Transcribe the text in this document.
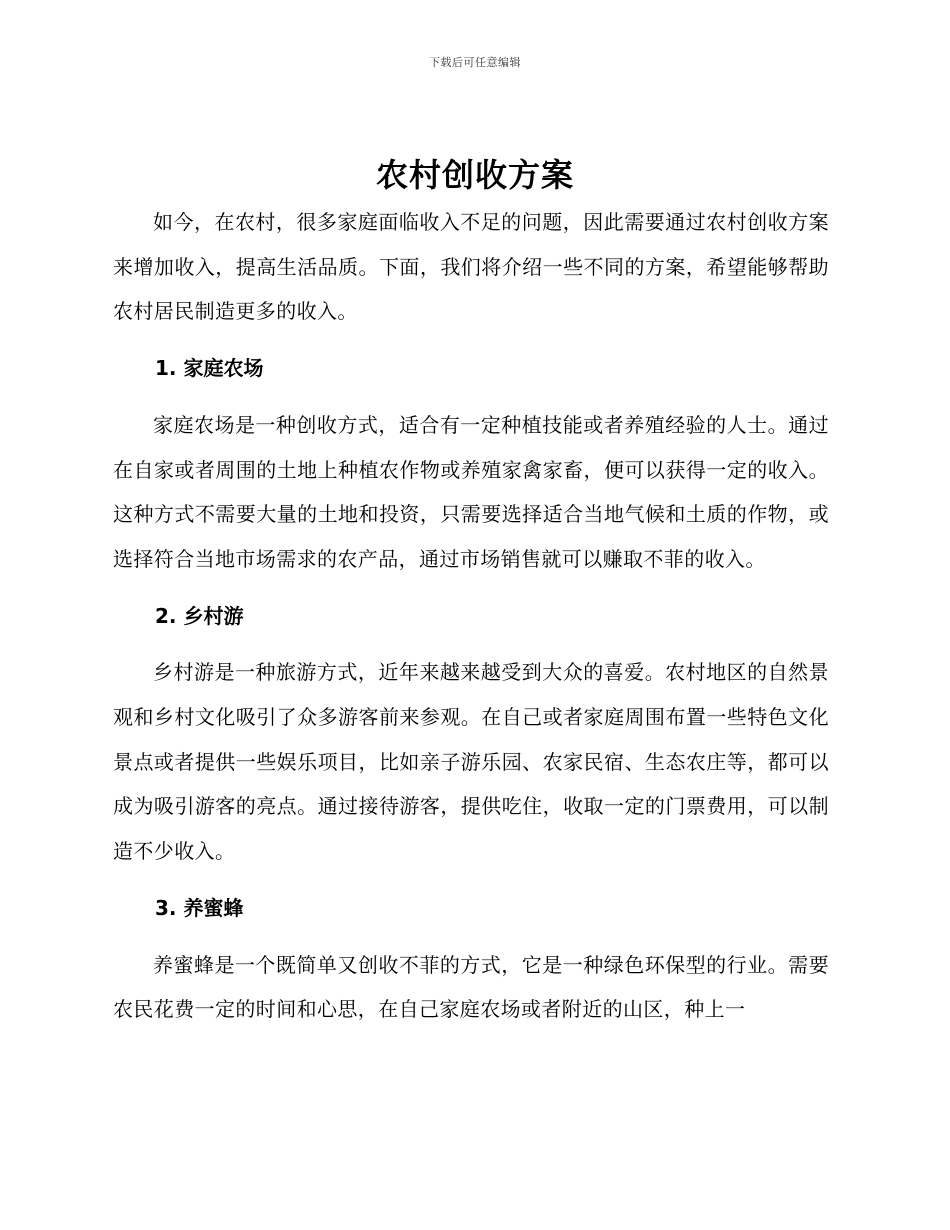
下载后可任意编辑
农村创收方案

如今，在农村，很多家庭面临收入不足的问题，因此需要通过农村创收方案来增加收入，提高生活品质。下面，我们将介绍一些不同的方案，希望能够帮助农村居民制造更多的收入。

1. 家庭农场

家庭农场是一种创收方式，适合有一定种植技能或者养殖经验的人士。通过在自家或者周围的土地上种植农作物或养殖家禽家畜，便可以获得一定的收入。这种方式不需要大量的土地和投资，只需要选择适合当地气候和土质的作物，或选择符合当地市场需求的农产品，通过市场销售就可以赚取不菲的收入。

2. 乡村游

乡村游是一种旅游方式，近年来越来越受到大众的喜爱。农村地区的自然景观和乡村文化吸引了众多游客前来参观。在自己或者家庭周围布置一些特色文化景点或者提供一些娱乐项目，比如亲子游乐园、农家民宿、生态农庄等，都可以成为吸引游客的亮点。通过接待游客，提供吃住，收取一定的门票费用，可以制造不少收入。

3. 养蜜蜂

养蜜蜂是一个既简单又创收不菲的方式，它是一种绿色环保型的行业。需要农民花费一定的时间和心思，在自己家庭农场或者附近的山区，种上一
